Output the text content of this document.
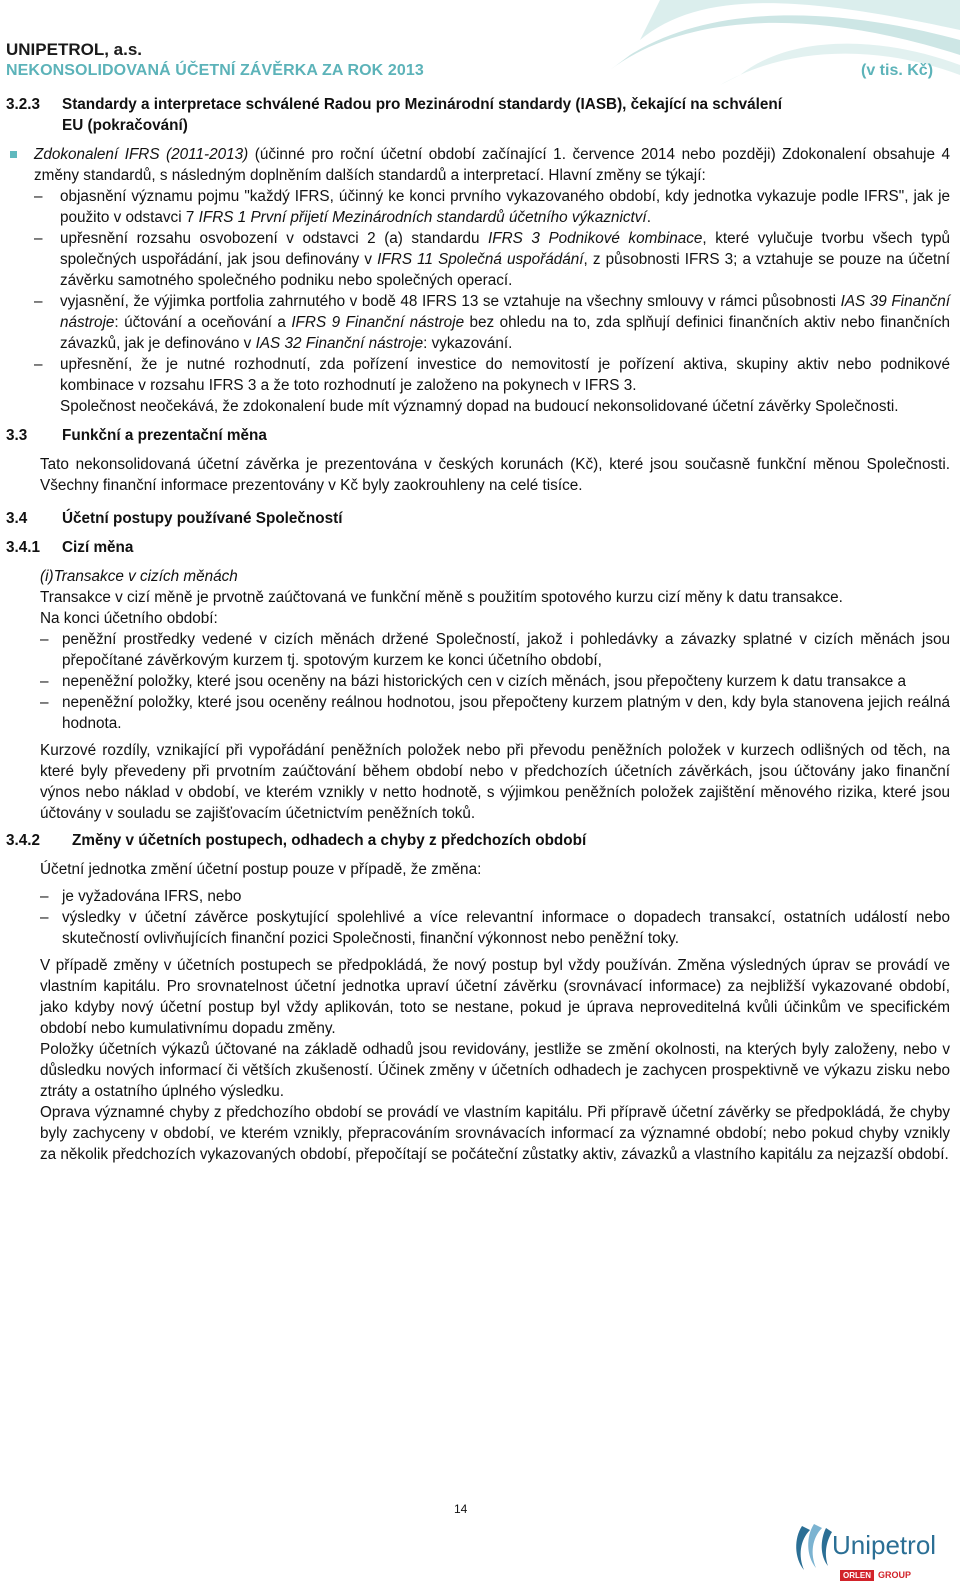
UNIPETROL, a.s.
NEKONSOLIDOVANÁ ÚČETNÍ ZÁVĚRKA ZA ROK 2013	(v tis. Kč)
3.2.3 Standardy a interpretace schválené Radou pro Mezinárodní standardy (IASB), čekající na schválení
EU (pokračování)
Zdokonalení IFRS (2011-2013) (účinné pro roční účetní období začínající 1. července 2014 nebo později) Zdokonalení obsahuje 4 změny standardů, s následným doplněním dalších standardů a interpretací. Hlavní změny se týkají:
– objasnění významu pojmu "každý IFRS, účinný ke konci prvního vykazovaného období, kdy jednotka vykazuje podle IFRS", jak je použito v odstavci 7 IFRS 1 První přijetí Mezinárodních standardů účetního výkaznictví.
– upřesnění rozsahu osvobození v odstavci 2 (a) standardu IFRS 3 Podnikové kombinace, které vylučuje tvorbu všech typů společných uspořádání, jak jsou definovány v IFRS 11 Společná uspořádání, z působnosti IFRS 3; a vztahuje se pouze na účetní závěrku samotného společného podniku nebo společných operací.
– vyjasnění, že výjimka portfolia zahrnutého v bodě 48 IFRS 13 se vztahuje na všechny smlouvy v rámci působnosti IAS 39 Finanční nástroje: účtování a oceňování a IFRS 9 Finanční nástroje bez ohledu na to, zda splňují definici finančních aktiv nebo finančních závazků, jak je definováno v IAS 32 Finanční nástroje: vykazování.
– upřesnění, že je nutné rozhodnutí, zda pořízení investice do nemovitostí je pořízení aktiva, skupiny aktiv nebo podnikové kombinace v rozsahu IFRS 3 a že toto rozhodnutí je založeno na pokynech v IFRS 3.
Společnost neočekává, že zdokonalení bude mít významný dopad na budoucí nekonsolidované účetní závěrky Společnosti.
3.3 Funkční a prezentační měna
Tato nekonsolidovaná účetní závěrka je prezentována v českých korunách (Kč), které jsou současně funkční měnou Společnosti. Všechny finanční informace prezentovány v Kč byly zaokrouhleny na celé tisíce.
3.4 Účetní postupy používané Společností
3.4.1 Cizí měna
(i)Transakce v cizích měnách
Transakce v cizí měně je prvotně zaúčtovaná ve funkční měně s použitím spotového kurzu cizí měny k datu transakce.
Na konci účetního období:
– peněžní prostředky vedené v cizích měnách držené Společností, jakož i pohledávky a závazky splatné v cizích měnách jsou přepočítané závěrkovým kurzem tj. spotovým kurzem ke konci účetního období,
– nepeněžní položky, které jsou oceněny na bázi historických cen v cizích měnách, jsou přepočteny kurzem k datu transakce a
– nepeněžní položky, které jsou oceněny reálnou hodnotou, jsou přepočteny kurzem platným v den, kdy byla stanovena jejich reálná hodnota.
Kurzové rozdíly, vznikající při vypořádání peněžních položek nebo při převodu peněžních položek v kurzech odlišných od těch, na které byly převedeny při prvotním zaúčtování během období nebo v předchozích účetních závěrkách, jsou účtovány jako finanční výnos nebo náklad v období, ve kterém vznikly v netto hodnotě, s výjimkou peněžních položek zajištění měnového rizika, které jsou účtovány v souladu se zajišťovacím účetnictvím peněžních toků.
3.4.2 Změny v účetních postupech, odhadech a chyby z předchozích období
Účetní jednotka změní účetní postup pouze v případě, že změna:
– je vyžadována IFRS, nebo
– výsledky v účetní závěrce poskytující spolehlivé a více relevantní informace o dopadech transakcí, ostatních událostí nebo skutečností ovlivňujících finanční pozici Společnosti, finanční výkonnost nebo peněžní toky.
V případě změny v účetních postupech se předpokládá, že nový postup byl vždy používán. Změna výsledných úprav se provádí ve vlastním kapitálu. Pro srovnatelnost účetní jednotka upraví účetní závěrku (srovnávací informace) za nejbližší vykazované období, jako kdyby nový účetní postup byl vždy aplikován, toto se nestane, pokud je úprava neproveditelná kvůli účinkům ve specifickém období nebo kumulativnímu dopadu změny.
Položky účetních výkazů účtované na základě odhadů jsou revidovány, jestliže se změní okolnosti, na kterých byly založeny, nebo v důsledku nových informací či větších zkušeností. Účinek změny v účetních odhadech je zachycen prospektivně ve výkazu zisku nebo ztráty a ostatního úplného výsledku.
Oprava významné chyby z předchozího období se provádí ve vlastním kapitálu. Při přípravě účetní závěrky se předpokládá, že chyby byly zachyceny v období, ve kterém vznikly, přepracováním srovnávacích informací za významné období; nebo pokud chyby vznikly za několik předchozích vykazovaných období, přepočítají se počáteční zůstatky aktiv, závazků a vlastního kapitálu za nejzazší období.
14
Unipetrol
ORLEN GROUP
